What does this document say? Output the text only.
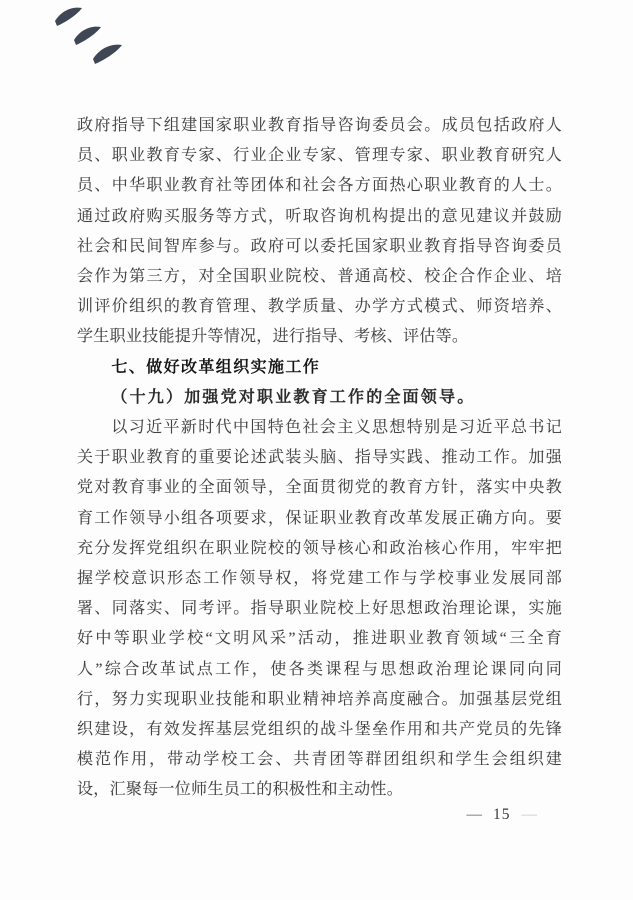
政府指导下组建国家职业教育指导咨询委员会。成员包括政府人
员、职业教育专家、行业企业专家、管理专家、职业教育研究人
员、中华职业教育社等团体和社会各方面热心职业教育的人士。
通过政府购买服务等方式，听取咨询机构提出的意见建议并鼓励
社会和民间智库参与。政府可以委托国家职业教育指导咨询委员
会作为第三方，对全国职业院校、普通高校、校企合作企业、培
训评价组织的教育管理、教学质量、办学方式模式、师资培养、
学生职业技能提升等情况，进行指导、考核、评估等。
七、做好改革组织实施工作
（十九）加强党对职业教育工作的全面领导。
以习近平新时代中国特色社会主义思想特别是习近平总书记
关于职业教育的重要论述武装头脑、指导实践、推动工作。加强
党对教育事业的全面领导，全面贯彻党的教育方针，落实中央教
育工作领导小组各项要求，保证职业教育改革发展正确方向。要
充分发挥党组织在职业院校的领导核心和政治核心作用，牢牢把
握学校意识形态工作领导权，将党建工作与学校事业发展同部
署、同落实、同考评。指导职业院校上好思想政治理论课，实施
好中等职业学校“文明风采”活动，推进职业教育领域“三全育
人”综合改革试点工作，使各类课程与思想政治理论课同向同
行，努力实现职业技能和职业精神培养高度融合。加强基层党组
织建设，有效发挥基层党组织的战斗堡垒作用和共产党员的先锋
模范作用，带动学校工会、共青团等群团组织和学生会组织建
设，汇聚每一位师生员工的积极性和主动性。
— 15 —
